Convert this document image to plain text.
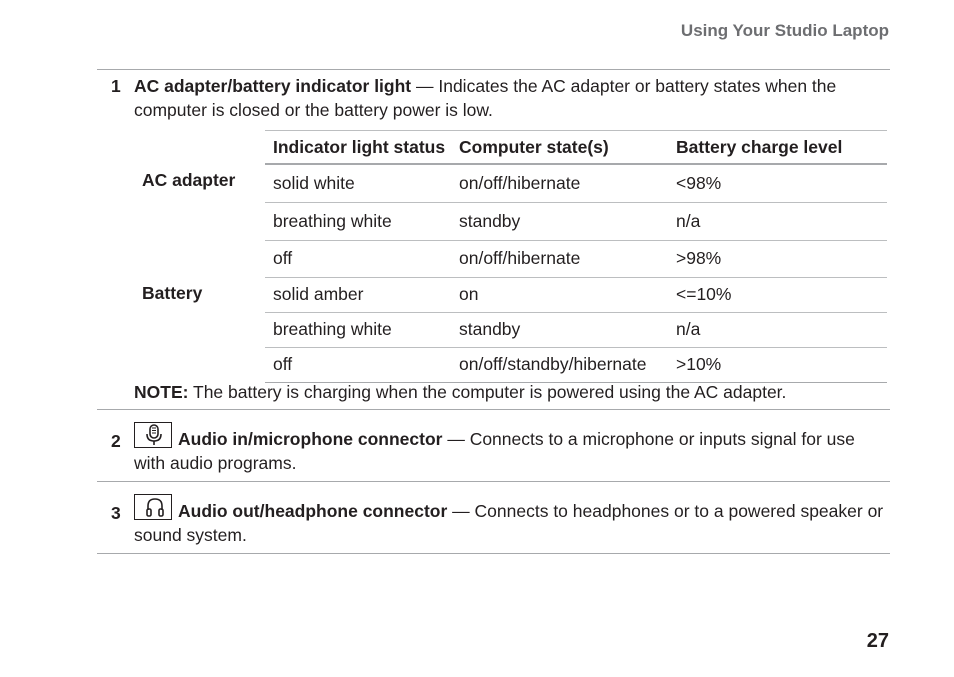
Using Your Studio Laptop
1 AC adapter/battery indicator light — Indicates the AC adapter or battery states when the computer is closed or the battery power is low.
	Indicator light status	Computer state(s)	Battery charge level
AC adapter	solid white	on/off/hibernate	<98%
	breathing white	standby	n/a
	off	on/off/hibernate	>98%
Battery	solid amber	on	<=10%
	breathing white	standby	n/a
	off	on/off/standby/hibernate	>10%
NOTE: The battery is charging when the computer is powered using the AC adapter.
2	Audio in/microphone connector — Connects to a microphone or inputs signal for use with audio programs.
3	Audio out/headphone connector — Connects to headphones or to a powered speaker or sound system.
27
